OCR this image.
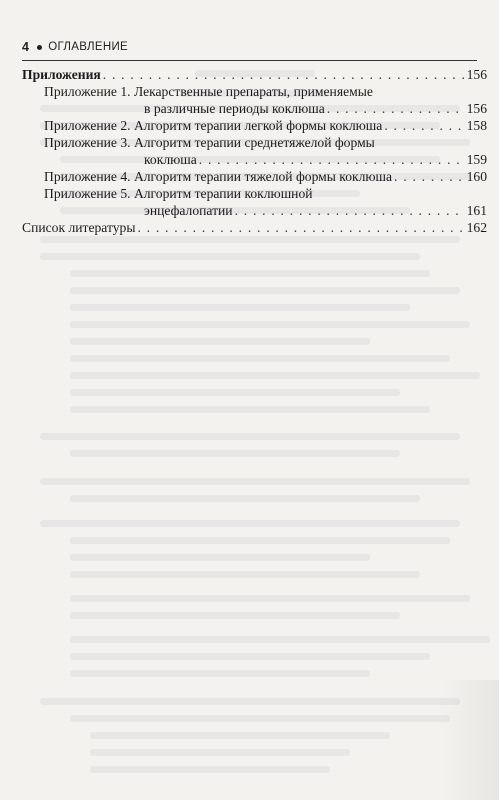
4 ОГЛАВЛЕНИЕ
Приложения . . .	156
Приложение 1. Лекарственные препараты, применяемые
в различные периоды коклюша . . .	156
Приложение 2. Алгоритм терапии легкой формы коклюша . . .	158
Приложение 3. Алгоритм терапии среднетяжелой формы
коклюша . . .	159
Приложение 4. Алгоритм терапии тяжелой формы коклюша . . .	160
Приложение 5. Алгоритм терапии коклюшной
энцефалопатии . . .	161
Список литературы . . .	162
